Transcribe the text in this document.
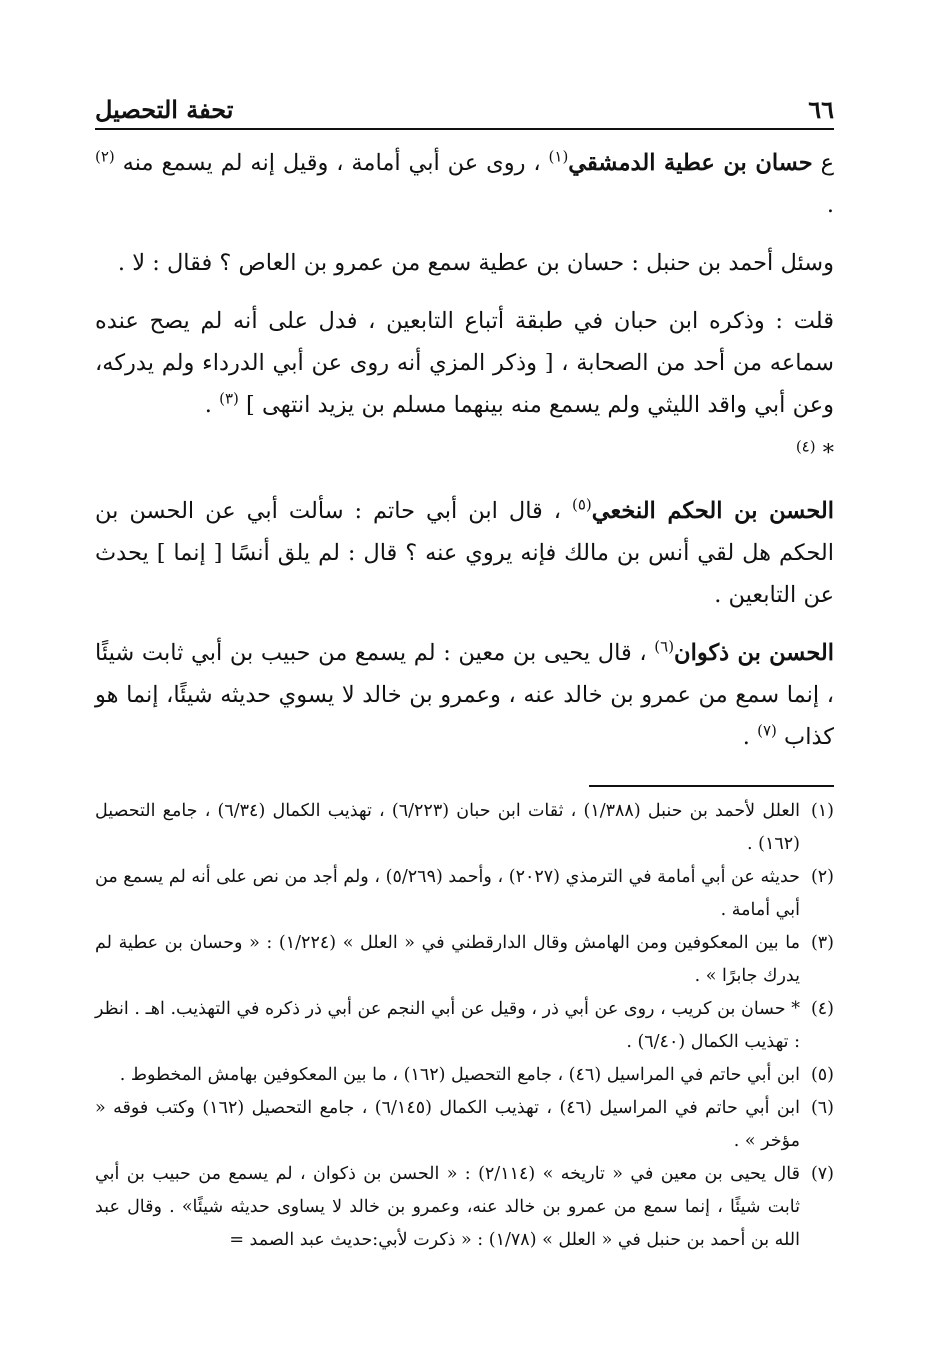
٦٦
تحفة التحصيل

ع حسان بن عطية الدمشقي$^{(١)}$ ، روى عن أبي أمامة ، وقيل إنه لم يسمع منه $^{(٢)}$ .

وسئل أحمد بن حنبل : حسان بن عطية سمع من عمرو بن العاص ؟ فقال : لا .

قلت : وذكره ابن حبان في طبقة أتباع التابعين ، فدل على أنه لم يصح عنده سماعه من أحد من الصحابة ، [ وذكر المزي أنه روى عن أبي الدرداء ولم يدركه، وعن أبي واقد الليثي ولم يسمع منه بينهما مسلم بن يزيد انتهى ] $^{(٣)}$ .

* $^{(٤)}$

الحسن بن الحكم النخعي$^{(٥)}$ ، قال ابن أبي حاتم : سألت أبي عن الحسن بن الحكم هل لقي أنس بن مالك فإنه يروي عنه ؟ قال : لم يلق أنسًا [ إنما ] يحدث عن التابعين .

الحسن بن ذكوان$^{(٦)}$ ، قال يحيى بن معين : لم يسمع من حبيب بن أبي ثابت شيئًا ، إنما سمع من عمرو بن خالد عنه ، وعمرو بن خالد لا يسوي حديثه شيئًا، إنما هو كذاب $^{(٧)}$ .

(١)
العلل لأحمد بن حنبل (١/٣٨٨) ، ثقات ابن حبان (٦/٢٢٣) ، تهذيب الكمال (٦/٣٤) ، جامع التحصيل (١٦٢) .

(٢)
حديثه عن أبي أمامة في الترمذي (٢٠٢٧) ، وأحمد (٥/٢٦٩) ، ولم أجد من نص على أنه لم يسمع من أبي أمامة .

(٣)
ما بين المعكوفين ومن الهامش وقال الدارقطني في « العلل » (١/٢٢٤) : « وحسان بن عطية لم يدرك جابرًا » .

(٤)
* حسان بن كريب ، روى عن أبي ذر ، وقيل عن أبي النجم عن أبي ذر ذكره في التهذيب. اهـ . انظر : تهذيب الكمال (٦/٤٠) .

(٥)
ابن أبي حاتم في المراسيل (٤٦) ، جامع التحصيل (١٦٢) ، ما بين المعكوفين بهامش المخطوط .

(٦)
ابن أبي حاتم في المراسيل (٤٦) ، تهذيب الكمال (٦/١٤٥) ، جامع التحصيل (١٦٢) وكتب فوقه « مؤخر » .

(٧)
قال يحيى بن معين في « تاريخه » (٢/١١٤) : « الحسن بن ذكوان ، لم يسمع من حبيب بن أبي ثابت شيئًا ، إنما سمع من عمرو بن خالد عنه، وعمرو بن خالد لا يساوى حديثه شيئًا» . وقال عبد الله بن أحمد بن حنبل في « العلل » (١/٧٨) : « ذكرت لأبي:حديث عبد الصمد =
